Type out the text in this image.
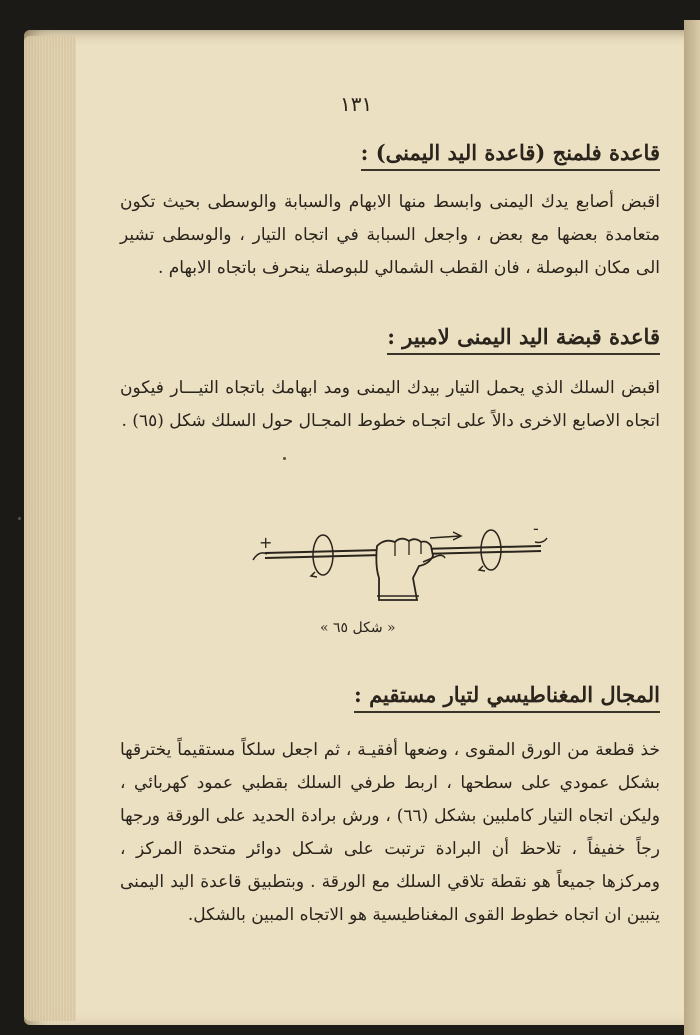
١٣١
قاعدة فلمنج (قاعدة اليد اليمنى) :
اقبض أصابع يدك اليمنى وابسط منها الابهام والسبابة والوسطى بحيث تكون متعامدة بعضها مع بعض ، واجعل السبابة في اتجاه التيار ، والوسطى تشير الى مكان البوصلة ، فان القطب الشمالي للبوصلة ينحرف باتجاه الابهام .
قاعدة قبضة اليد اليمنى لامبير :
اقبض السلك الذي يحمل التيار بيدك اليمنى ومد ابهامك باتجاه التيـــار فيكون اتجاه الاصابع الاخرى دالاً على اتجـاه خطوط المجـال حول السلك شكل (٦٥) .
+
-
« شكل ٦٥ »
المجال المغناطيسي لتيار مستقيم :
خذ قطعة من الورق المقوى ، وضعها أفقيـة ، ثم اجعل سلكاً مستقيماً يخترقها بشكل عمودي على سطحها ، اربط طرفي السلك بقطبي عمود كهربائي ، وليكن اتجاه التيار كاملبين بشكل (٦٦) ، ورش برادة الحديد على الورقة ورجها رجاً خفيفاً ، تلاحظ أن البرادة ترتبت على شـكل دوائر متحدة المركز ، ومركزها جميعاً هو نقطة تلاقي السلك مع الورقة . وبتطبيق قاعدة اليد اليمنى يتبين ان اتجاه خطوط القوى المغناطيسية هو الاتجاه المبين بالشكل.
